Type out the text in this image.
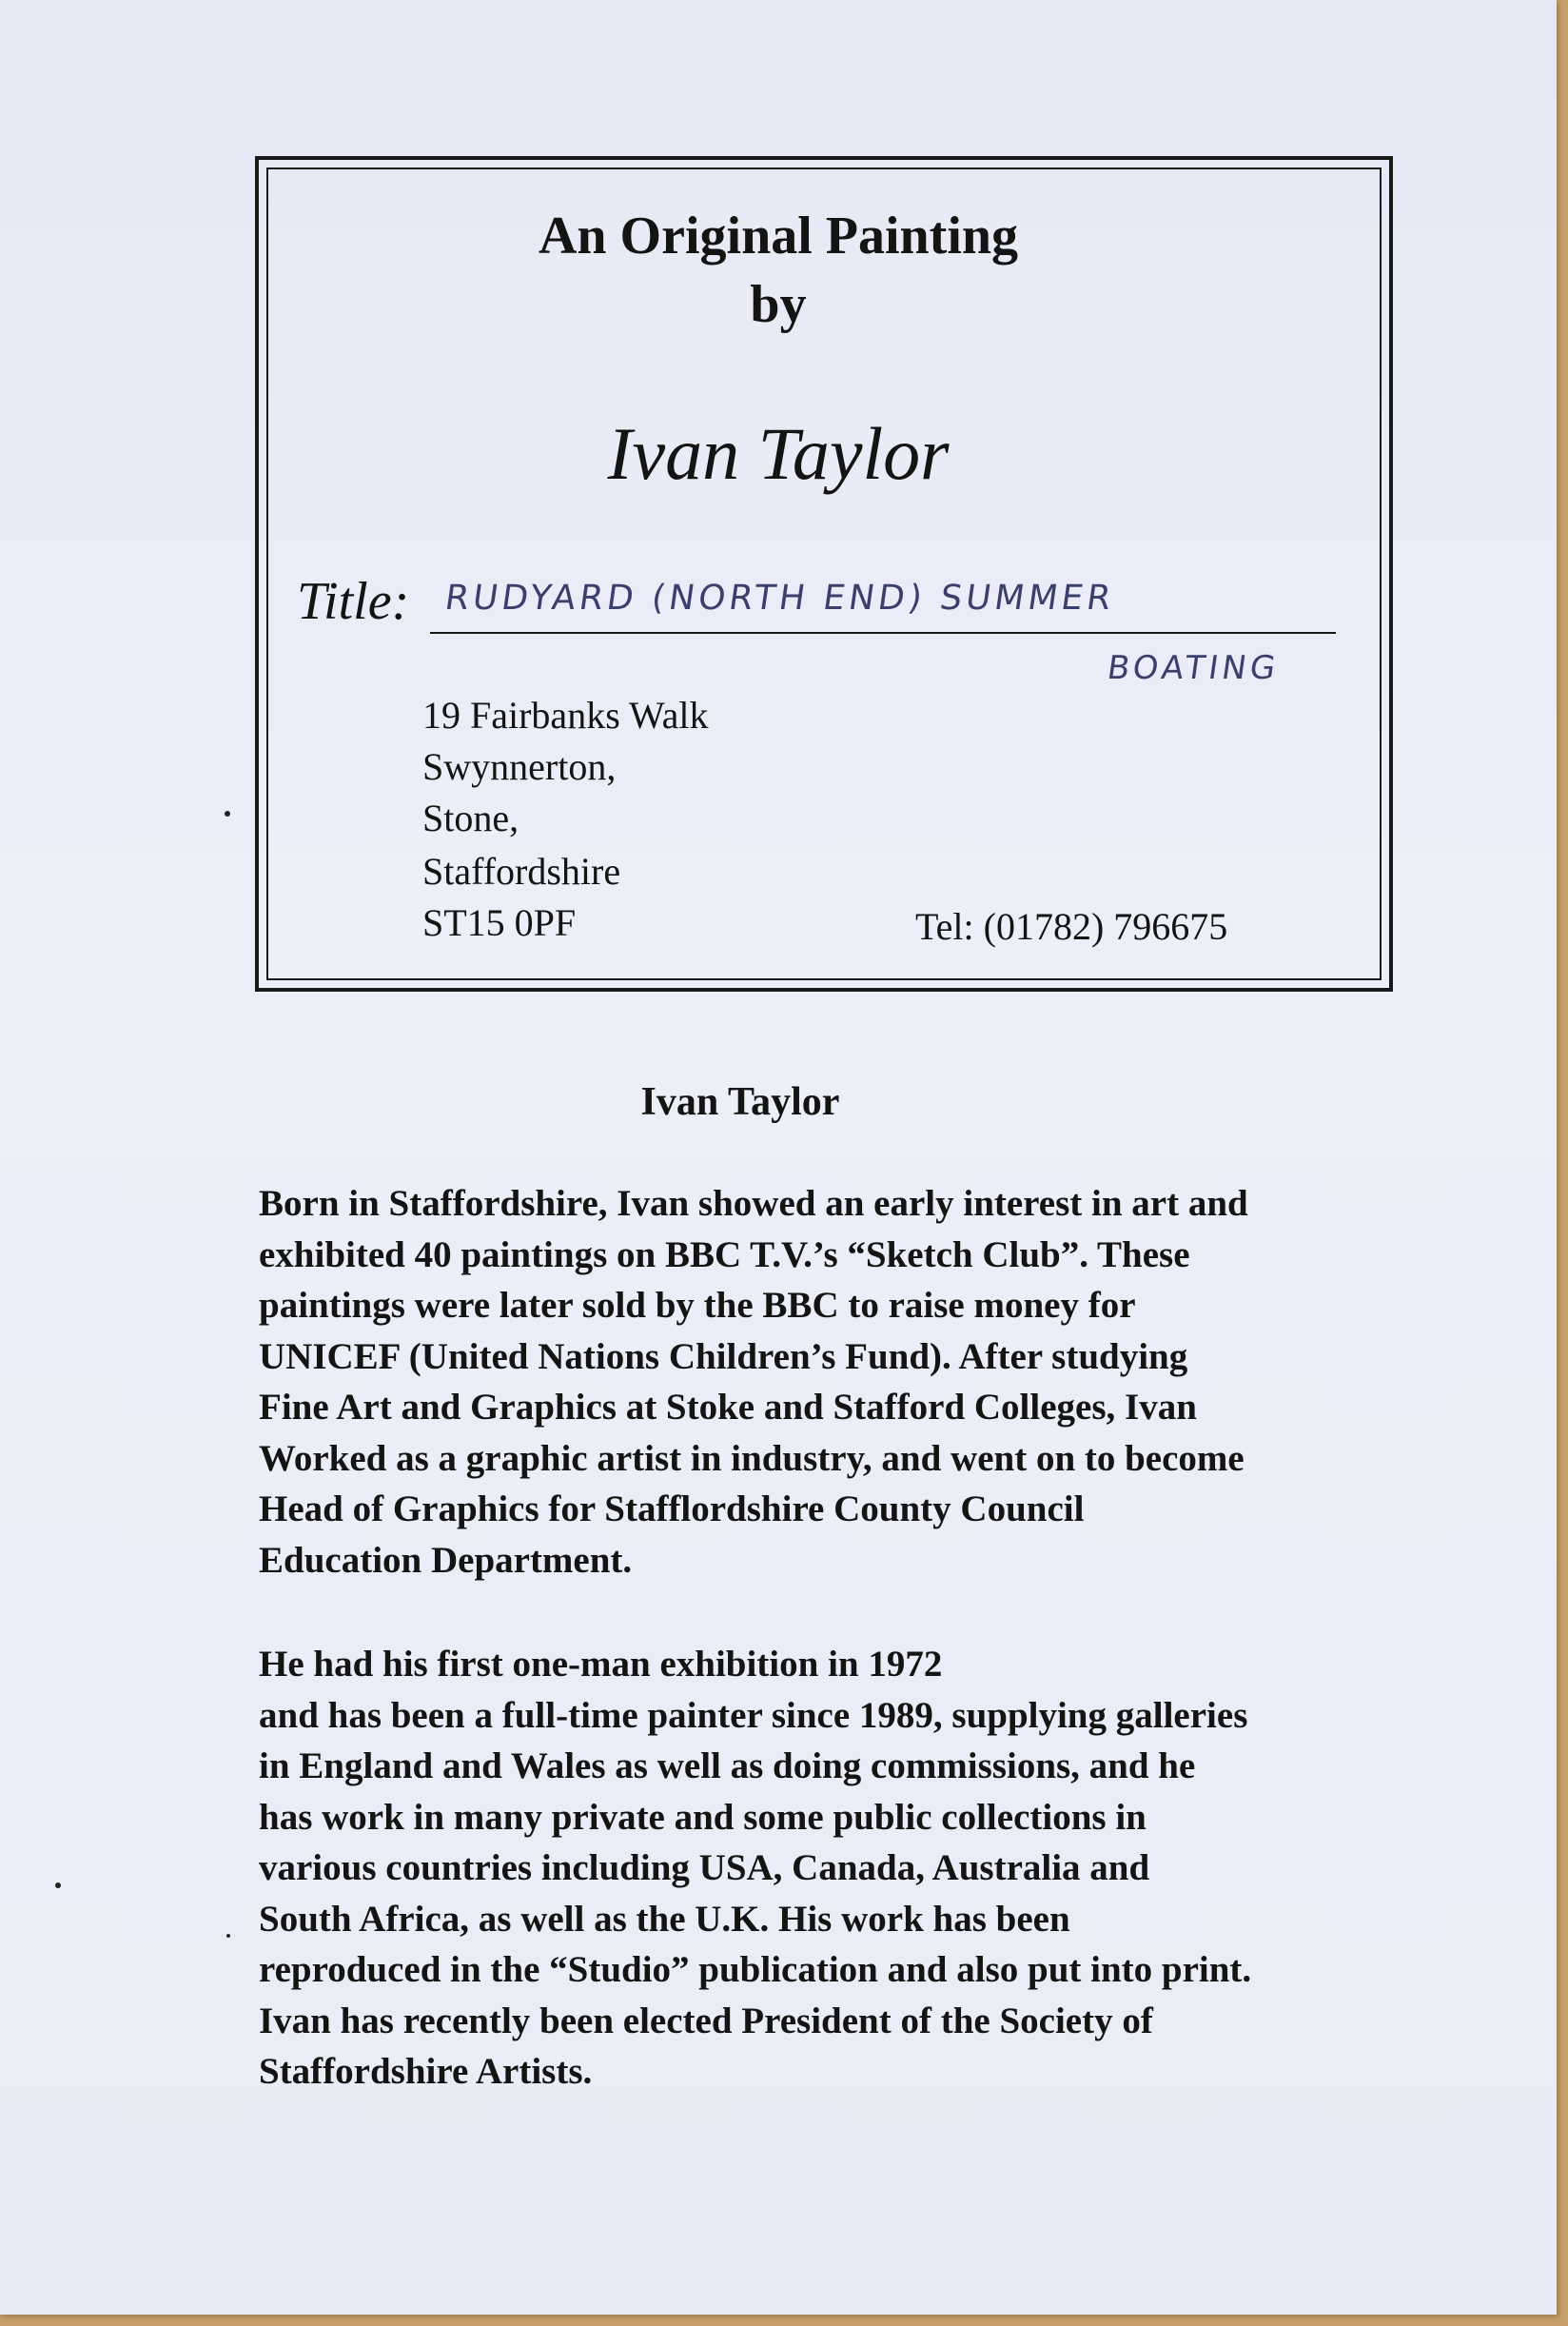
An Original Painting
by
Ivan Taylor
Title: RUDYARD (NORTH END) SUMMER
BOATING
19 Fairbanks Walk
Swynnerton,
Stone,
Staffordshire
ST15 0PF	Tel: (01782) 796675
Ivan Taylor

Born in Staffordshire, Ivan showed an early interest in art and
exhibited 40 paintings on BBC T.V.’s “Sketch Club”. These
paintings were later sold by the BBC to raise money for
UNICEF (United Nations Children’s Fund). After studying
Fine Art and Graphics at Stoke and Stafford Colleges, Ivan
Worked as a graphic artist in industry, and went on to become
Head of Graphics for Stafflordshire County Council
Education Department.

He had his first one-man exhibition in 1972
and has been a full-time painter since 1989, supplying galleries
in England and Wales as well as doing commissions, and he
has work in many private and some public collections in
various countries including USA, Canada, Australia and
South Africa, as well as the U.K. His work has been
reproduced in the “Studio” publication and also put into print.
Ivan has recently been elected President of the Society of
Staffordshire Artists.
